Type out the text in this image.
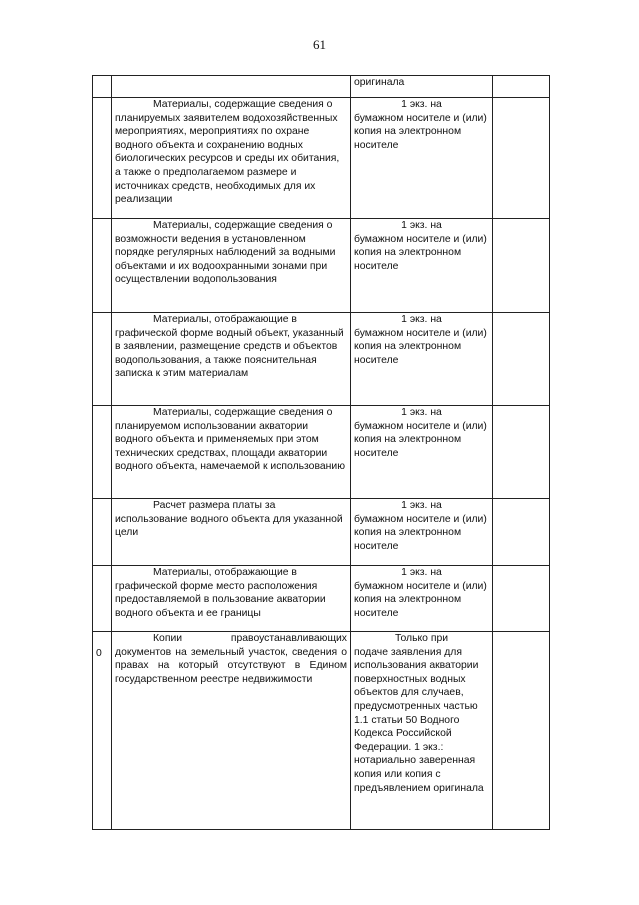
61

		оригинала	

	Материалы, содержащие сведения о планируемых заявителем водохозяйственных мероприятиях, мероприятиях по охране водного объекта и сохранению водных биологических ресурсов и среды их обитания, а также о предполагаемом размере и источниках средств, необходимых для их реализации	1 экз. на
бумажном носителе и (или) копия на электронном носителе	

	Материалы, содержащие сведения о возможности ведения в установленном порядке регулярных наблюдений за водными объектами и их водоохранными зонами при осуществлении водопользования	1 экз. на
бумажном носителе и (или) копия на электронном носителе	

	Материалы, отображающие в графической форме водный объект, указанный в заявлении, размещение средств и объектов водопользования, а также пояснительная записка к этим материалам	1 экз. на
бумажном носителе и (или) копия на электронном носителе	

	Материалы, содержащие сведения о планируемом использовании акватории водного объекта и применяемых при этом технических средствах, площади акватории водного объекта, намечаемой к использованию	1 экз. на
бумажном носителе и (или) копия на электронном носителе	

	Расчет размера платы за использование водного объекта для указанной цели	1 экз. на
бумажном носителе и (или) копия на электронном носителе	

	Материалы, отображающие в графической форме место расположения предоставляемой в пользование акватории водного объекта и ее границы	1 экз. на
бумажном носителе и (или) копия на электронном носителе	

0	Копии правоустанавливающих документов на земельный участок, сведения о правах на который отсутствуют в Едином государственном реестре недвижимости	Только при
подаче заявления для использования акватории поверхностных водных объектов для случаев, предусмотренных частью 1.1 статьи 50 Водного Кодекса Российской Федерации. 1 экз.: нотариально заверенная копия или копия с предъявлением оригинала	
